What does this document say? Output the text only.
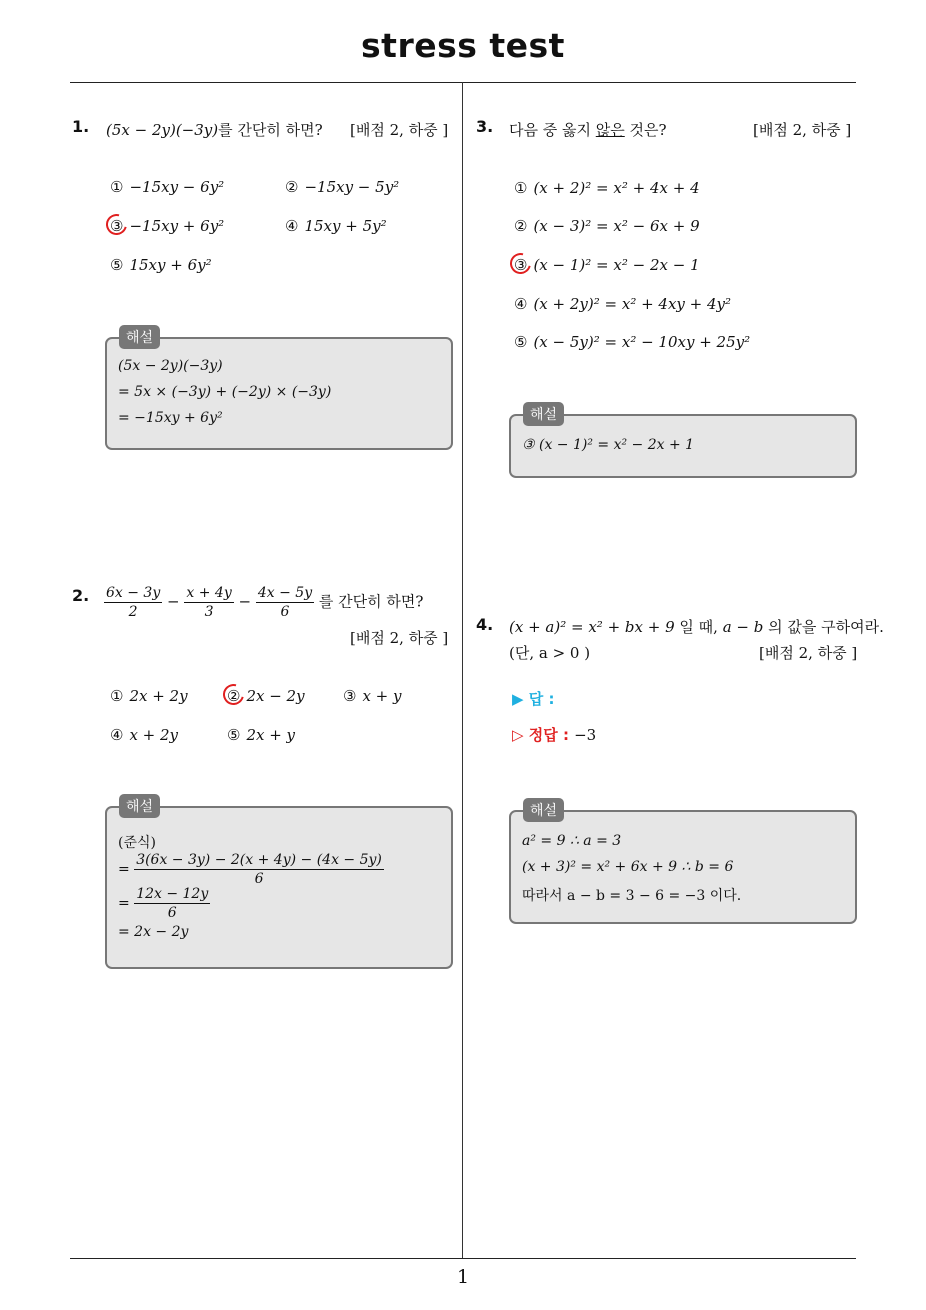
stress test
1
1. (5x − 2y)(−3y)를 간단히 하면? [배점 2, 하중 ]
① −15xy − 6y²	② −15xy − 5y²
③ −15xy + 6y²	④ 15xy + 5y²
⑤ 15xy + 6y²
해설
(5x − 2y)(−3y)
= 5x × (−3y) + (−2y) × (−3y)
= −15xy + 6y²
2. $\frac{6x - 3y}{2} - \frac{x + 4y}{3} - \frac{4x - 5y}{6}$ 를 간단히 하면?
[배점 2, 하중 ]
① 2x + 2y	② 2x − 2y	③ x + y
④ x + 2y	⑤ 2x + y
해설
(준식)
= $\frac{3(6x - 3y) - 2(x + 4y) - (4x - 5y)}{6}$
= $\frac{12x - 12y}{6}$
= 2x − 2y
3. 다음 중 옳지 않은 것은?	[배점 2, 하중 ]
① (x + 2)² = x² + 4x + 4
② (x − 3)² = x² − 6x + 9
③ (x − 1)² = x² − 2x − 1
④ (x + 2y)² = x² + 4xy + 4y²
⑤ (x − 5y)² = x² − 10xy + 25y²
해설
③ (x − 1)² = x² − 2x + 1
4. (x + a)² = x² + bx + 9 일 때, a − b 의 값을 구하여라.
(단, a > 0 )	[배점 2, 하중 ]
▶ 답 :
▷ 정답 : −3
해설
a² = 9 ∴ a = 3
(x + 3)² = x² + 6x + 9 ∴ b = 6
따라서 a − b = 3 − 6 = −3 이다.
